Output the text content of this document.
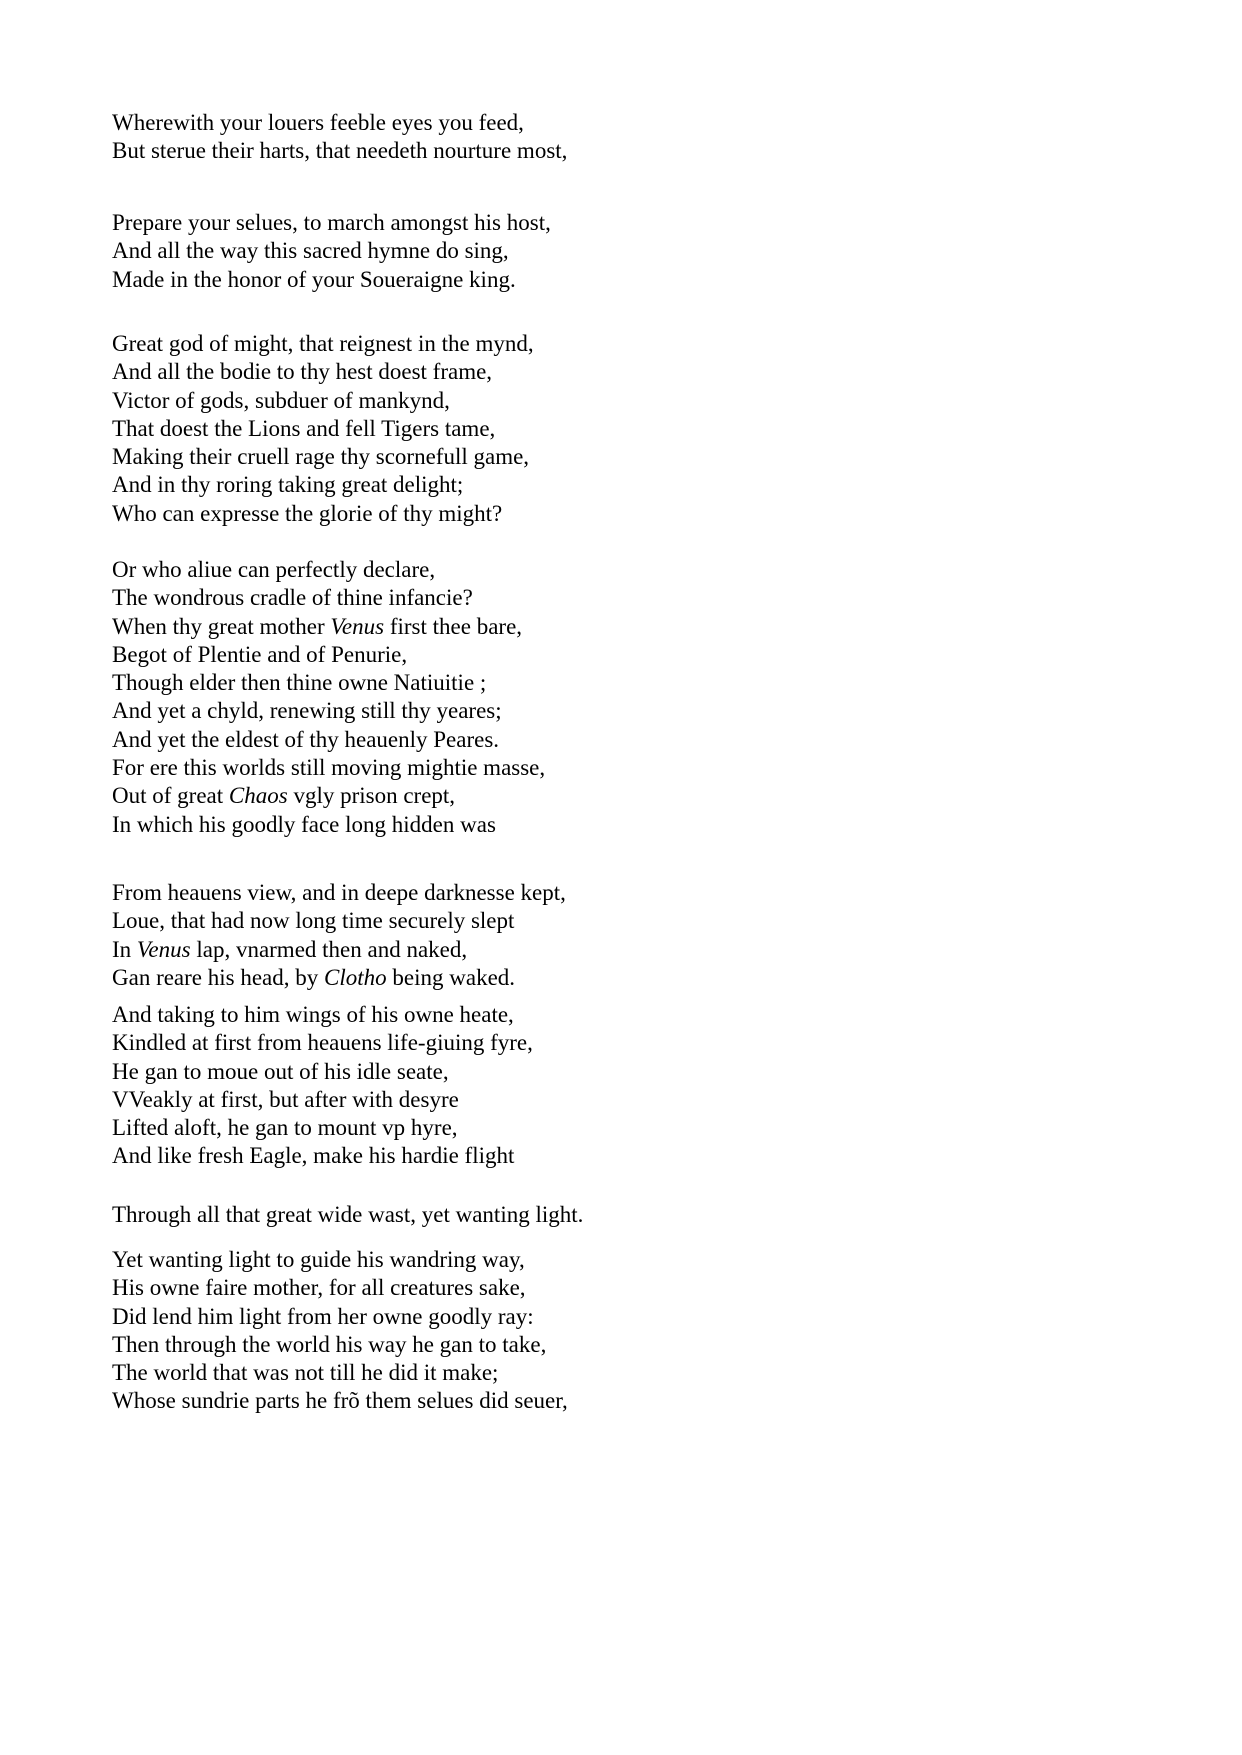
Wherewith your louers feeble eyes you feed,
But sterue their harts, that needeth nourture most,
Prepare your selues, to march amongst his host,
And all the way this sacred hymne do sing,
Made in the honor of your Soueraigne king.
Great god of might, that reignest in the mynd,
And all the bodie to thy hest doest frame,
Victor of gods, subduer of mankynd,
That doest the Lions and fell Tigers tame,
Making their cruell rage thy scornefull game,
And in thy roring taking great delight;
Who can expresse the glorie of thy might?
Or who aliue can perfectly declare,
The wondrous cradle of thine infancie?
When thy great mother Venus first thee bare,
Begot of Plentie and of Penurie,
Though elder then thine owne Natiuitie ;
And yet a chyld, renewing still thy yeares;
And yet the eldest of thy heauenly Peares.
For ere this worlds still moving mightie masse,
Out of great Chaos vgly prison crept,
In which his goodly face long hidden was
From heauens view, and in deepe darknesse kept,
Loue, that had now long time securely slept
In Venus lap, vnarmed then and naked,
Gan reare his head, by Clotho being waked.
And taking to him wings of his owne heate,
Kindled at first from heauens life-giuing fyre,
He gan to moue out of his idle seate,
VVeakly at first, but after with desyre
Lifted aloft, he gan to mount vp hyre,
And like fresh Eagle, make his hardie flight
Through all that great wide wast, yet wanting light.
Yet wanting light to guide his wandring way,
His owne faire mother, for all creatures sake,
Did lend him light from her owne goodly ray:
Then through the world his way he gan to take,
The world that was not till he did it make;
Whose sundrie parts he frõ them selues did seuer,
